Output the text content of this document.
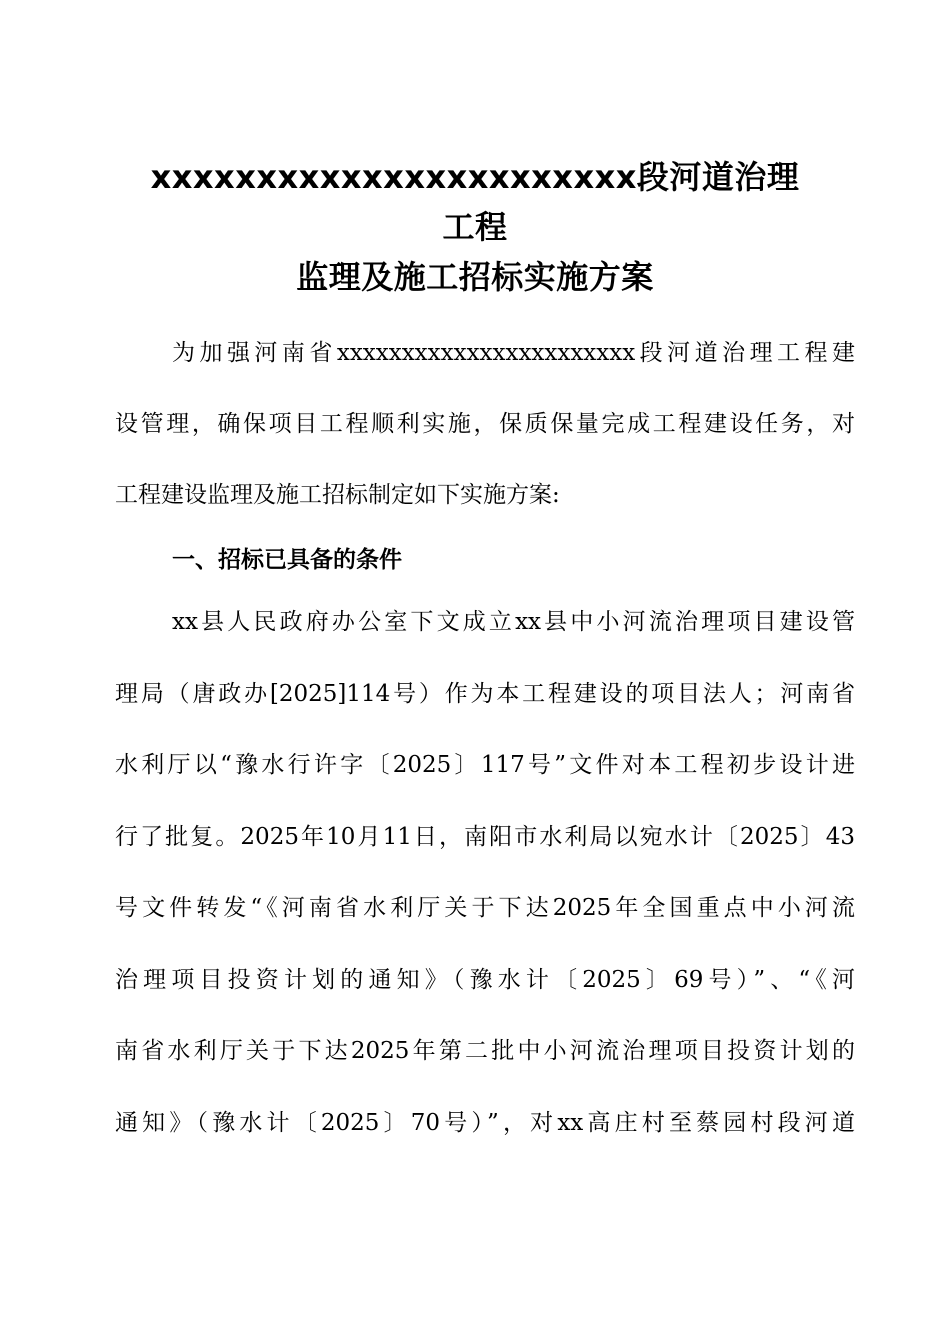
xxxxxxxxxxxxxxxxxxxxxxx段河道治理
工程
监理及施工招标实施方案
为加强河南省xxxxxxxxxxxxxxxxxxxxxxx段河道治理工程建
设管理，确保项目工程顺利实施，保质保量完成工程建设任务，对
工程建设监理及施工招标制定如下实施方案:
一、招标已具备的条件
xx县人民政府办公室下文成立xx县中小河流治理项目建设管
理局（唐政办[2025]114号）作为本工程建设的项目法人；河南省
水利厅以“豫水行许字〔2025〕117号”文件对本工程初步设计进
行了批复。2025年10月11日，南阳市水利局以宛水计〔2025〕43
号文件转发“《河南省水利厅关于下达2025年全国重点中小河流
治理项目投资计划的通知》（豫水计〔2025〕69号）”、“《河
南省水利厅关于下达2025年第二批中小河流治理项目投资计划的
通知》（豫水计〔2025〕70号）”，对xx高庄村至蔡园村段河道
